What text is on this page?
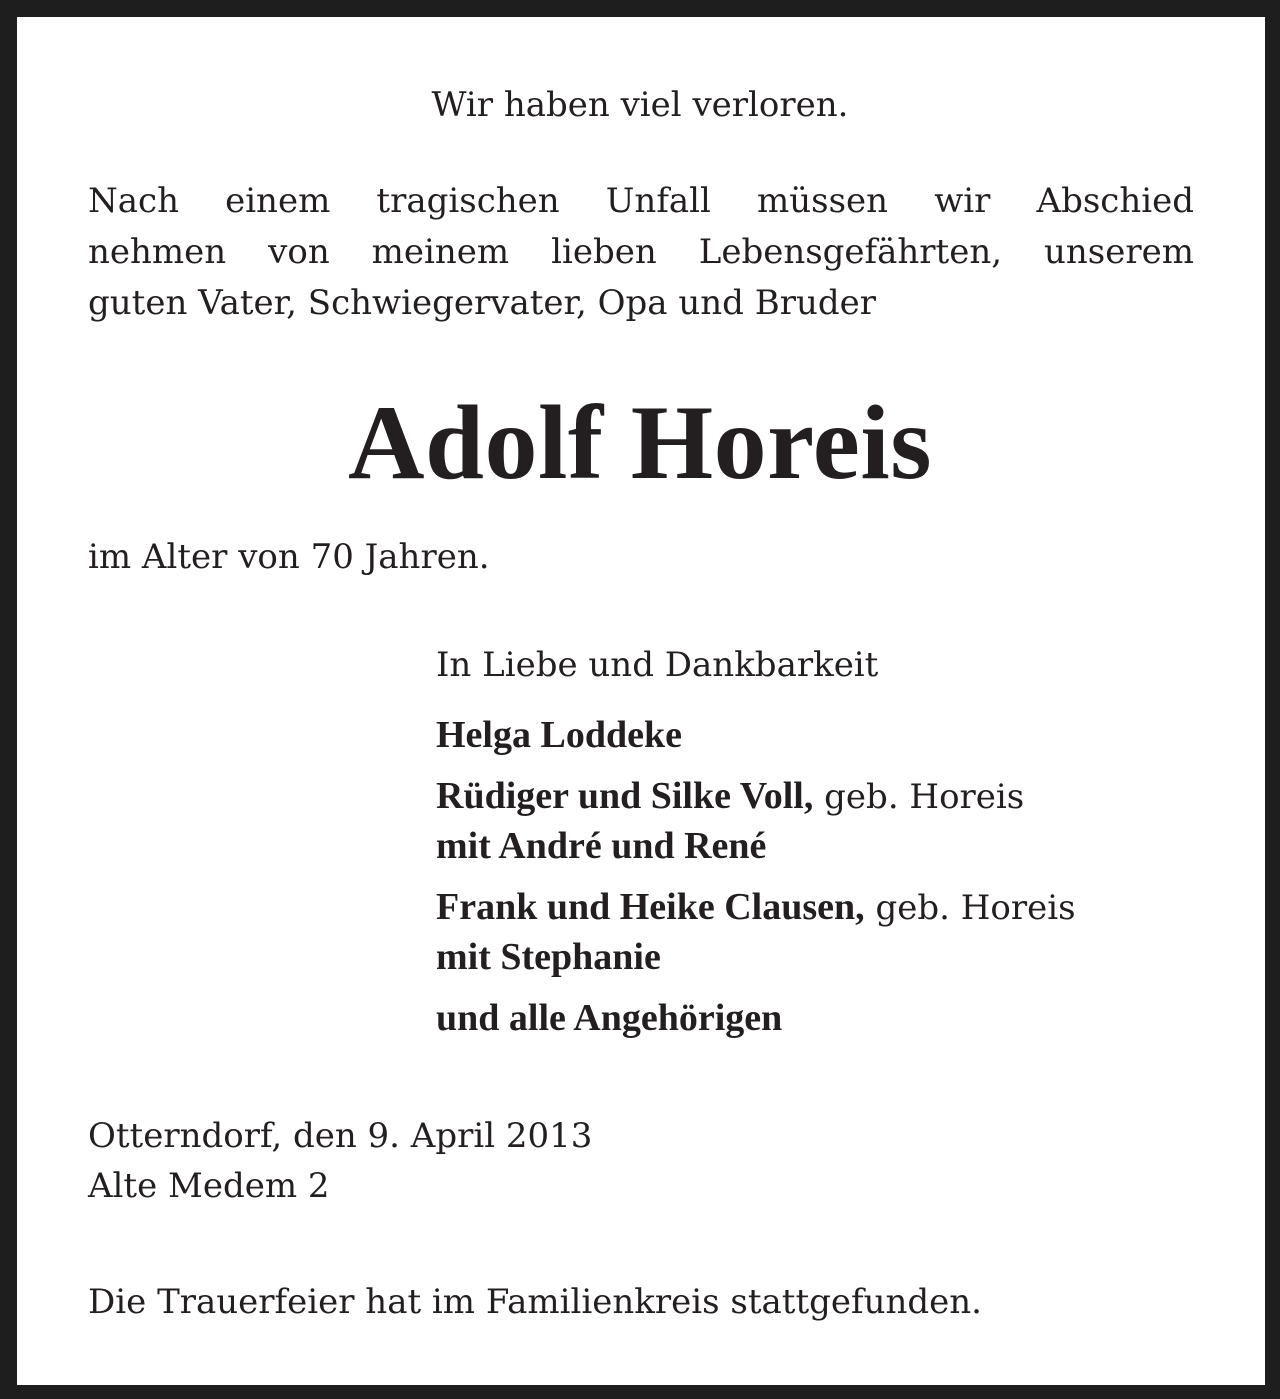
Wir haben viel verloren.

Nach einem tragischen Unfall müssen wir Abschied
nehmen von meinem lieben Lebensgefährten, unserem
guten Vater, Schwiegervater, Opa und Bruder
Adolf Horeis

im Alter von 70 Jahren.

In Liebe und Dankbarkeit

Helga Loddeke

Rüdiger und Silke Voll, geb. Horeis

mit André und René

Frank und Heike Clausen, geb. Horeis

mit Stephanie

und alle Angehörigen

Otterndorf, den 9. April 2013

Alte Medem 2

Die Trauerfeier hat im Familienkreis stattgefunden.
